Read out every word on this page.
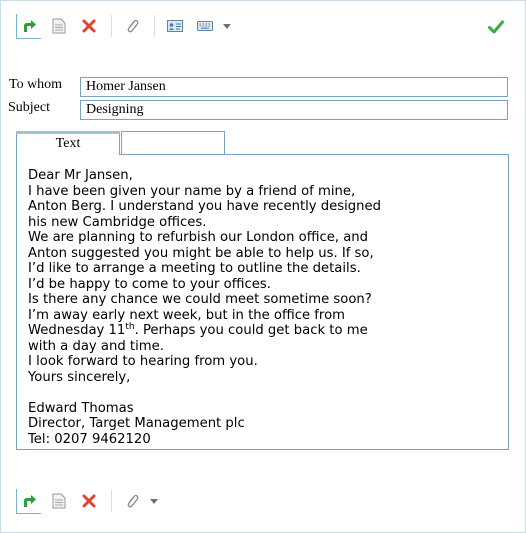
To whom	Homer Jansen
Subject	Designing
Text
Dear Mr Jansen,
I have been given your name by a friend of mine,
Anton Berg. I understand you have recently designed
his new Cambridge offices.
We are planning to refurbish our London office, and
Anton suggested you might be able to help us. If so,
I’d like to arrange a meeting to outline the details.
I’d be happy to come to your offices.
Is there any chance we could meet sometime soon?
I’m away early next week, but in the office from
Wednesday 11th. Perhaps you could get back to me
with a day and time.
I look forward to hearing from you.
Yours sincerely,
Edward Thomas
Director, Target Management plc
Tel: 0207 9462120
